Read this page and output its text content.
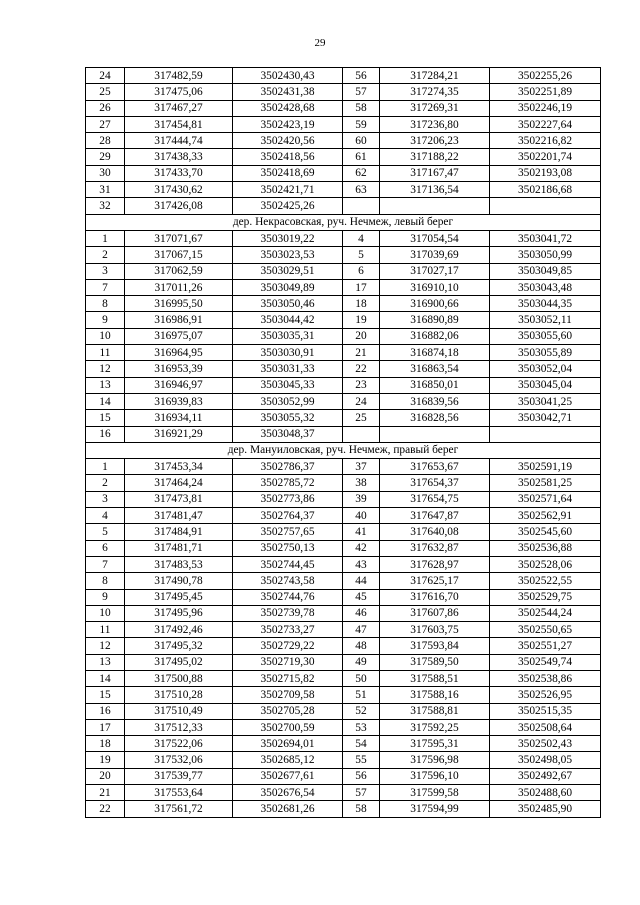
29
24	317482,59	3502430,43	56	317284,21	3502255,26
25	317475,06	3502431,38	57	317274,35	3502251,89
26	317467,27	3502428,68	58	317269,31	3502246,19
27	317454,81	3502423,19	59	317236,80	3502227,64
28	317444,74	3502420,56	60	317206,23	3502216,82
29	317438,33	3502418,56	61	317188,22	3502201,74
30	317433,70	3502418,69	62	317167,47	3502193,08
31	317430,62	3502421,71	63	317136,54	3502186,68
32	317426,08	3502425,26			
дер. Некрасовская, руч. Нечмеж, левый берег					
1	317071,67	3503019,22	4	317054,54	3503041,72
2	317067,15	3503023,53	5	317039,69	3503050,99
3	317062,59	3503029,51	6	317027,17	3503049,85
7	317011,26	3503049,89	17	316910,10	3503043,48
8	316995,50	3503050,46	18	316900,66	3503044,35
9	316986,91	3503044,42	19	316890,89	3503052,11
10	316975,07	3503035,31	20	316882,06	3503055,60
11	316964,95	3503030,91	21	316874,18	3503055,89
12	316953,39	3503031,33	22	316863,54	3503052,04
13	316946,97	3503045,33	23	316850,01	3503045,04
14	316939,83	3503052,99	24	316839,56	3503041,25
15	316934,11	3503055,32	25	316828,56	3503042,71
16	316921,29	3503048,37			
дер. Мануиловская, руч. Нечмеж, правый берег					
1	317453,34	3502786,37	37	317653,67	3502591,19
2	317464,24	3502785,72	38	317654,37	3502581,25
3	317473,81	3502773,86	39	317654,75	3502571,64
4	317481,47	3502764,37	40	317647,87	3502562,91
5	317484,91	3502757,65	41	317640,08	3502545,60
6	317481,71	3502750,13	42	317632,87	3502536,88
7	317483,53	3502744,45	43	317628,97	3502528,06
8	317490,78	3502743,58	44	317625,17	3502522,55
9	317495,45	3502744,76	45	317616,70	3502529,75
10	317495,96	3502739,78	46	317607,86	3502544,24
11	317492,46	3502733,27	47	317603,75	3502550,65
12	317495,32	3502729,22	48	317593,84	3502551,27
13	317495,02	3502719,30	49	317589,50	3502549,74
14	317500,88	3502715,82	50	317588,51	3502538,86
15	317510,28	3502709,58	51	317588,16	3502526,95
16	317510,49	3502705,28	52	317588,81	3502515,35
17	317512,33	3502700,59	53	317592,25	3502508,64
18	317522,06	3502694,01	54	317595,31	3502502,43
19	317532,06	3502685,12	55	317596,98	3502498,05
20	317539,77	3502677,61	56	317596,10	3502492,67
21	317553,64	3502676,54	57	317599,58	3502488,60
22	317561,72	3502681,26	58	317594,99	3502485,90
